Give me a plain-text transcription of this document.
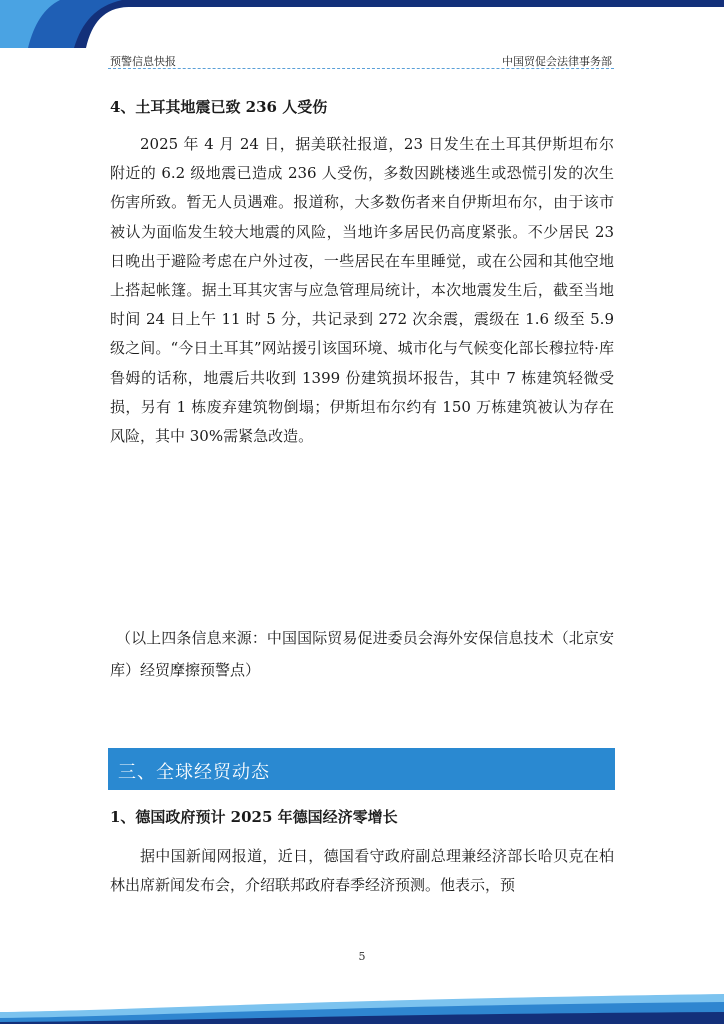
预警信息快报	中国贸促会法律事务部
4、土耳其地震已致 236 人受伤

2025 年 4 月 24 日，据美联社报道，23 日发生在土耳其伊斯坦布尔附近的 6.2 级地震已造成 236 人受伤，多数因跳楼逃生或恐慌引发的次生伤害所致。暂无人员遇难。报道称，大多数伤者来自伊斯坦布尔，由于该市被认为面临发生较大地震的风险，当地许多居民仍高度紧张。不少居民 23 日晚出于避险考虑在户外过夜，一些居民在车里睡觉，或在公园和其他空地上搭起帐篷。据土耳其灾害与应急管理局统计，本次地震发生后，截至当地时间 24 日上午 11 时 5 分，共记录到 272 次余震，震级在 1.6 级至 5.9 级之间。“今日土耳其”网站援引该国环境、城市化与气候变化部长穆拉特·库鲁姆的话称，地震后共收到 1399 份建筑损坏报告，其中 7 栋建筑轻微受损，另有 1 栋废弃建筑物倒塌；伊斯坦布尔约有 150 万栋建筑被认为存在风险，其中 30%需紧急改造。

（以上四条信息来源：中国国际贸易促进委员会海外安保信息技术（北京安库）经贸摩擦预警点）

三、全球经贸动态
1、德国政府预计 2025 年德国经济零增长

据中国新闻网报道，近日，德国看守政府副总理兼经济部长哈贝克在柏林出席新闻发布会，介绍联邦政府春季经济预测。他表示，预

5
